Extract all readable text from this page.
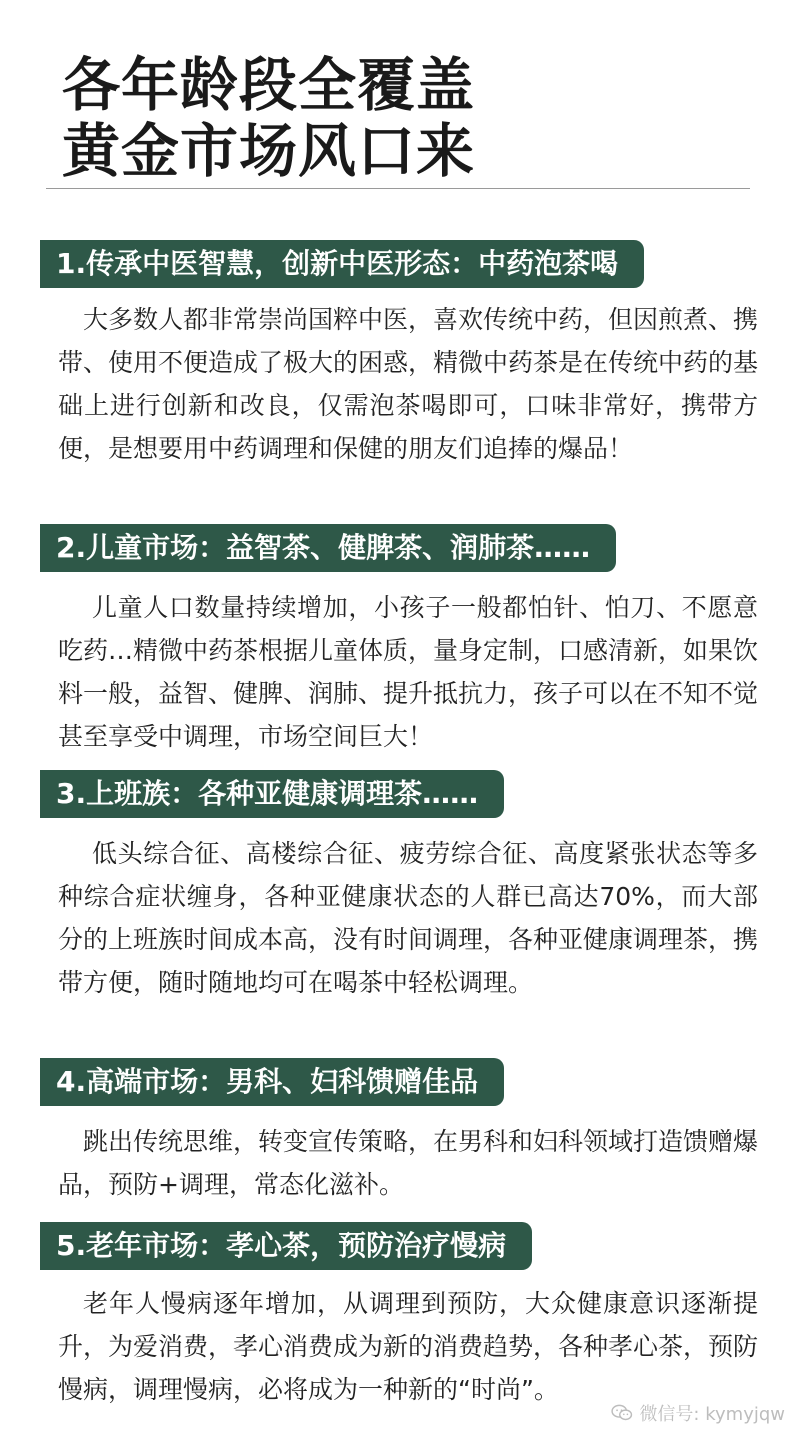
各年龄段全覆盖
黄金市场风口来
1.传承中医智慧，创新中医形态：中药泡茶喝
大多数人都非常崇尚国粹中医，喜欢传统中药，但因煎煮、携带、使用不便造成了极大的困惑，精微中药茶是在传统中药的基础上进行创新和改良，仅需泡茶喝即可，口味非常好，携带方便，是想要用中药调理和保健的朋友们追捧的爆品！
2.儿童市场：益智茶、健脾茶、润肺茶……
儿童人口数量持续增加，小孩子一般都怕针、怕刀、不愿意吃药…精微中药茶根据儿童体质，量身定制，口感清新，如果饮料一般，益智、健脾、润肺、提升抵抗力，孩子可以在不知不觉甚至享受中调理，市场空间巨大！
3.上班族：各种亚健康调理茶……
低头综合征、高楼综合征、疲劳综合征、高度紧张状态等多种综合症状缠身，各种亚健康状态的人群已高达70%，而大部分的上班族时间成本高，没有时间调理，各种亚健康调理茶，携带方便，随时随地均可在喝茶中轻松调理。
4.高端市场：男科、妇科馈赠佳品
跳出传统思维，转变宣传策略，在男科和妇科领域打造馈赠爆品，预防+调理，常态化滋补。
5.老年市场：孝心茶，预防治疗慢病
老年人慢病逐年增加，从调理到预防，大众健康意识逐渐提升，为爱消费，孝心消费成为新的消费趋势，各种孝心茶，预防慢病，调理慢病，必将成为一种新的“时尚”。
微信号: kymyjqw
